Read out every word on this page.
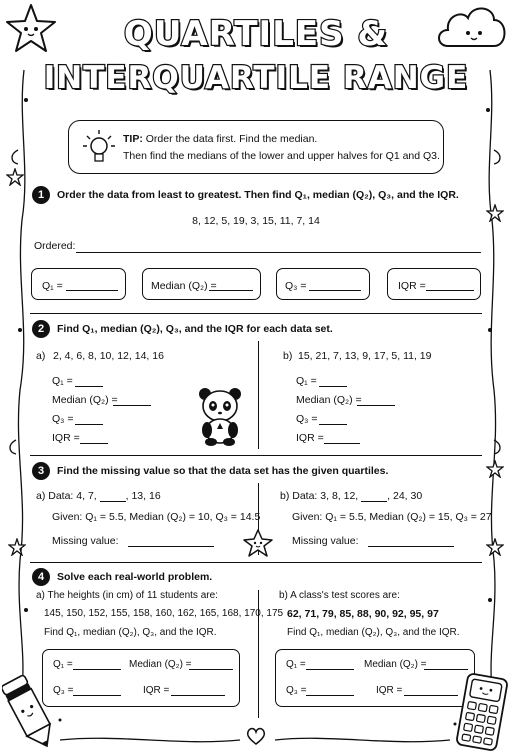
QUARTILES &
INTERQUARTILE RANGE
TIP: Order the data first. Find the median.
Then find the medians of the lower and upper halves for Q1 and Q3.
1	Order the data from least to greatest. Then find Q₁, median (Q₂), Q₃, and the IQR.
8, 12, 5, 19, 3, 15, 11, 7, 14
Ordered:
Q₁ =	Median (Q₂) =	Q₃ =	IQR =
2	Find Q₁, median (Q₂), Q₃, and the IQR for each data set.
a) 2, 4, 6, 8, 10, 12, 14, 16
Q₁ =
Median (Q₂) =
Q₃ =
IQR =
b) 15, 21, 7, 13, 9, 17, 5, 11, 19
Q₁ =
Median (Q₂) =
Q₃ =
IQR =
3	Find the missing value so that the data set has the given quartiles.
a) Data: 4, 7,	, 13, 16
Given: Q₁ = 5.5, Median (Q₂) = 10, Q₃ = 14.5
Missing value:
b) Data: 3, 8, 12,	, 24, 30
Given: Q₁ = 5.5, Median (Q₂) = 15, Q₃ = 27
Missing value:
4	Solve each real-world problem.
a) The heights (in cm) of 11 students are:
145, 150, 152, 155, 158, 160, 162, 165, 168, 170, 175
Find Q₁, median (Q₂), Q₃, and the IQR.
Q₁ =	Median (Q₂) =
Q₃ =	IQR =
b) A class's test scores are:
62, 71, 79, 85, 88, 90, 92, 95, 97
Find Q₁, median (Q₂), Q₃, and the IQR.
Q₁ =	Median (Q₂) =
Q₃ =	IQR =
